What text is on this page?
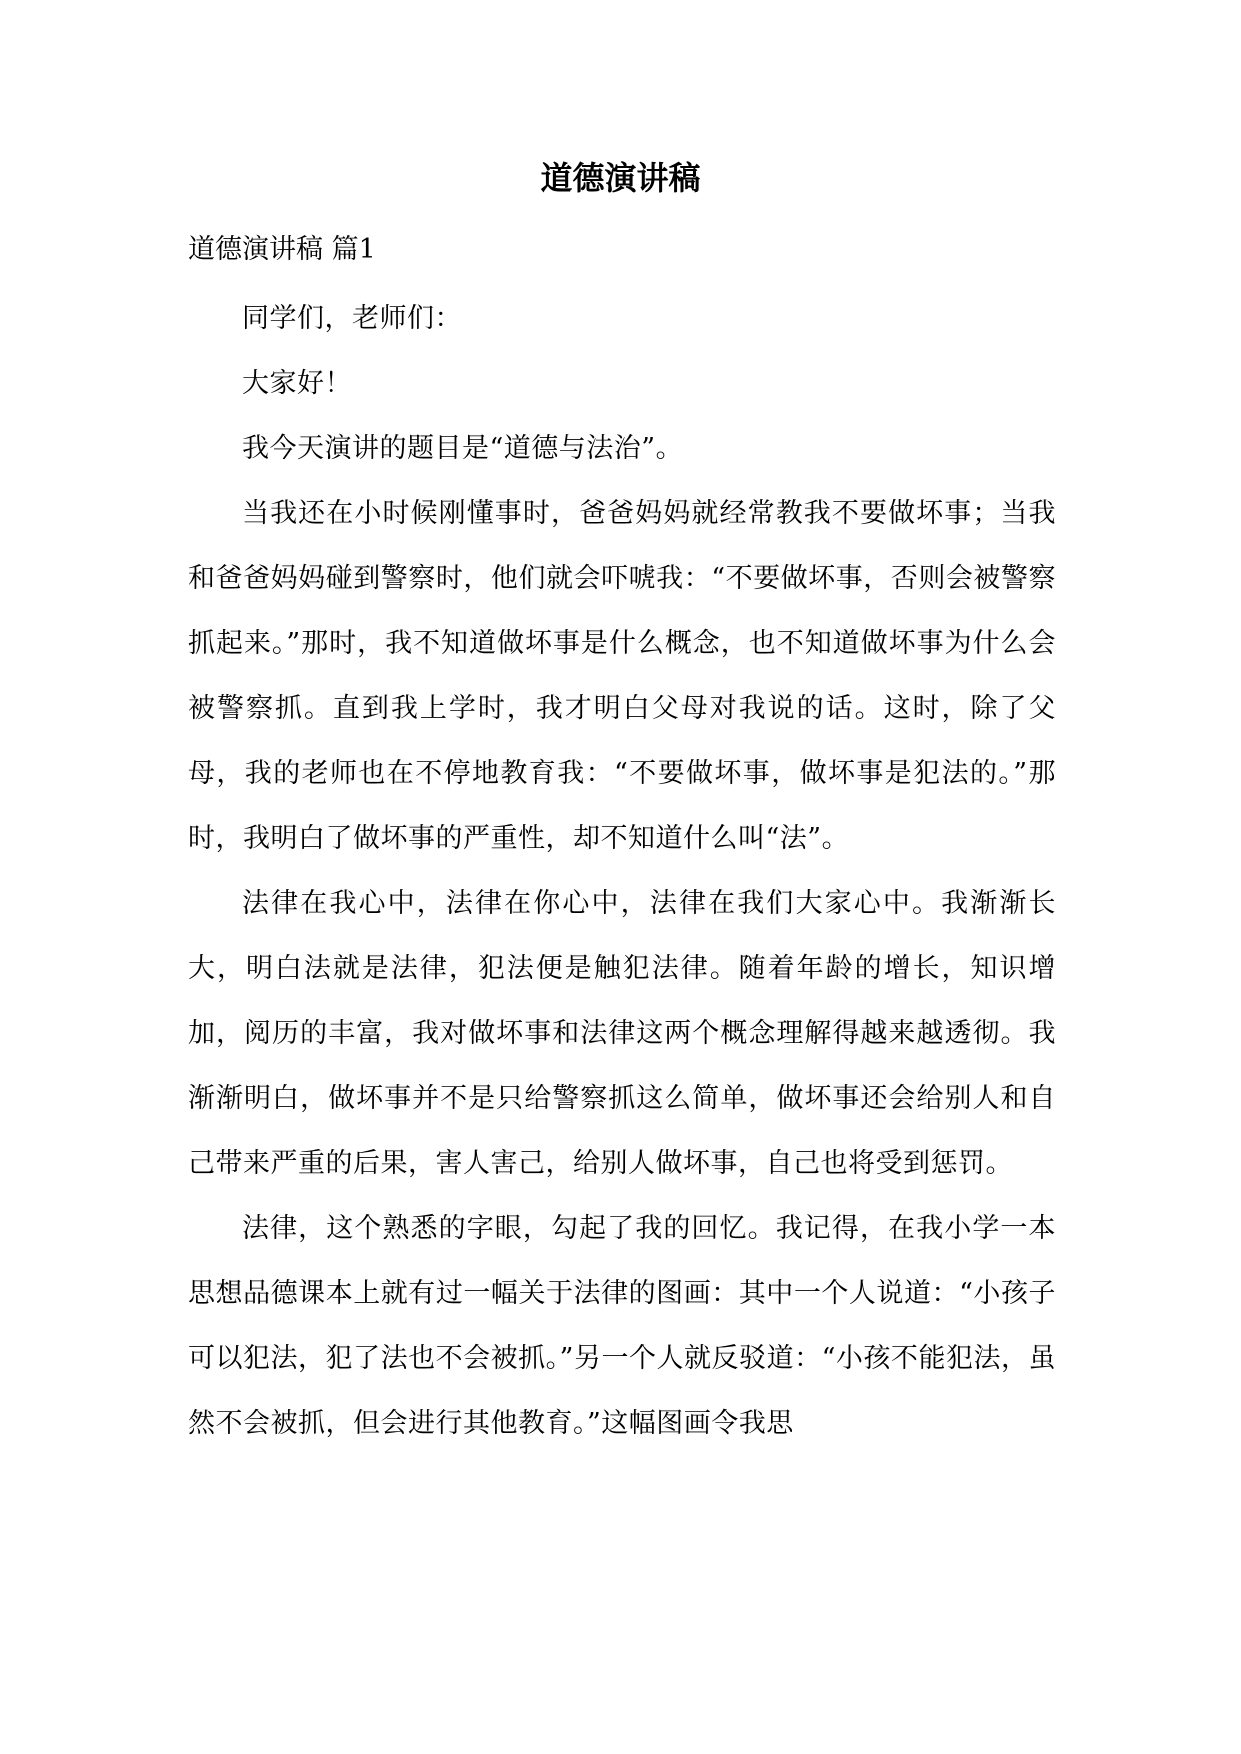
道德演讲稿
道德演讲稿 篇1

同学们，老师们：

大家好！

我今天演讲的题目是“道德与法治”。

当我还在小时候刚懂事时，爸爸妈妈就经常教我不要做坏事；当我和爸爸妈妈碰到警察时，他们就会吓唬我：“不要做坏事，否则会被警察抓起来。”那时，我不知道做坏事是什么概念，也不知道做坏事为什么会被警察抓。直到我上学时，我才明白父母对我说的话。这时，除了父母，我的老师也在不停地教育我：“不要做坏事，做坏事是犯法的。”那时，我明白了做坏事的严重性，却不知道什么叫“法”。

法律在我心中，法律在你心中，法律在我们大家心中。我渐渐长大，明白法就是法律，犯法便是触犯法律。随着年龄的增长，知识增加，阅历的丰富，我对做坏事和法律这两个概念理解得越来越透彻。我渐渐明白，做坏事并不是只给警察抓这么简单，做坏事还会给别人和自己带来严重的后果，害人害己，给别人做坏事，自己也将受到惩罚。

法律，这个熟悉的字眼，勾起了我的回忆。我记得，在我小学一本思想品德课本上就有过一幅关于法律的图画：其中一个人说道：“小孩子可以犯法，犯了法也不会被抓。”另一个人就反驳道：“小孩不能犯法，虽然不会被抓，但会进行其他教育。”这幅图画令我思
